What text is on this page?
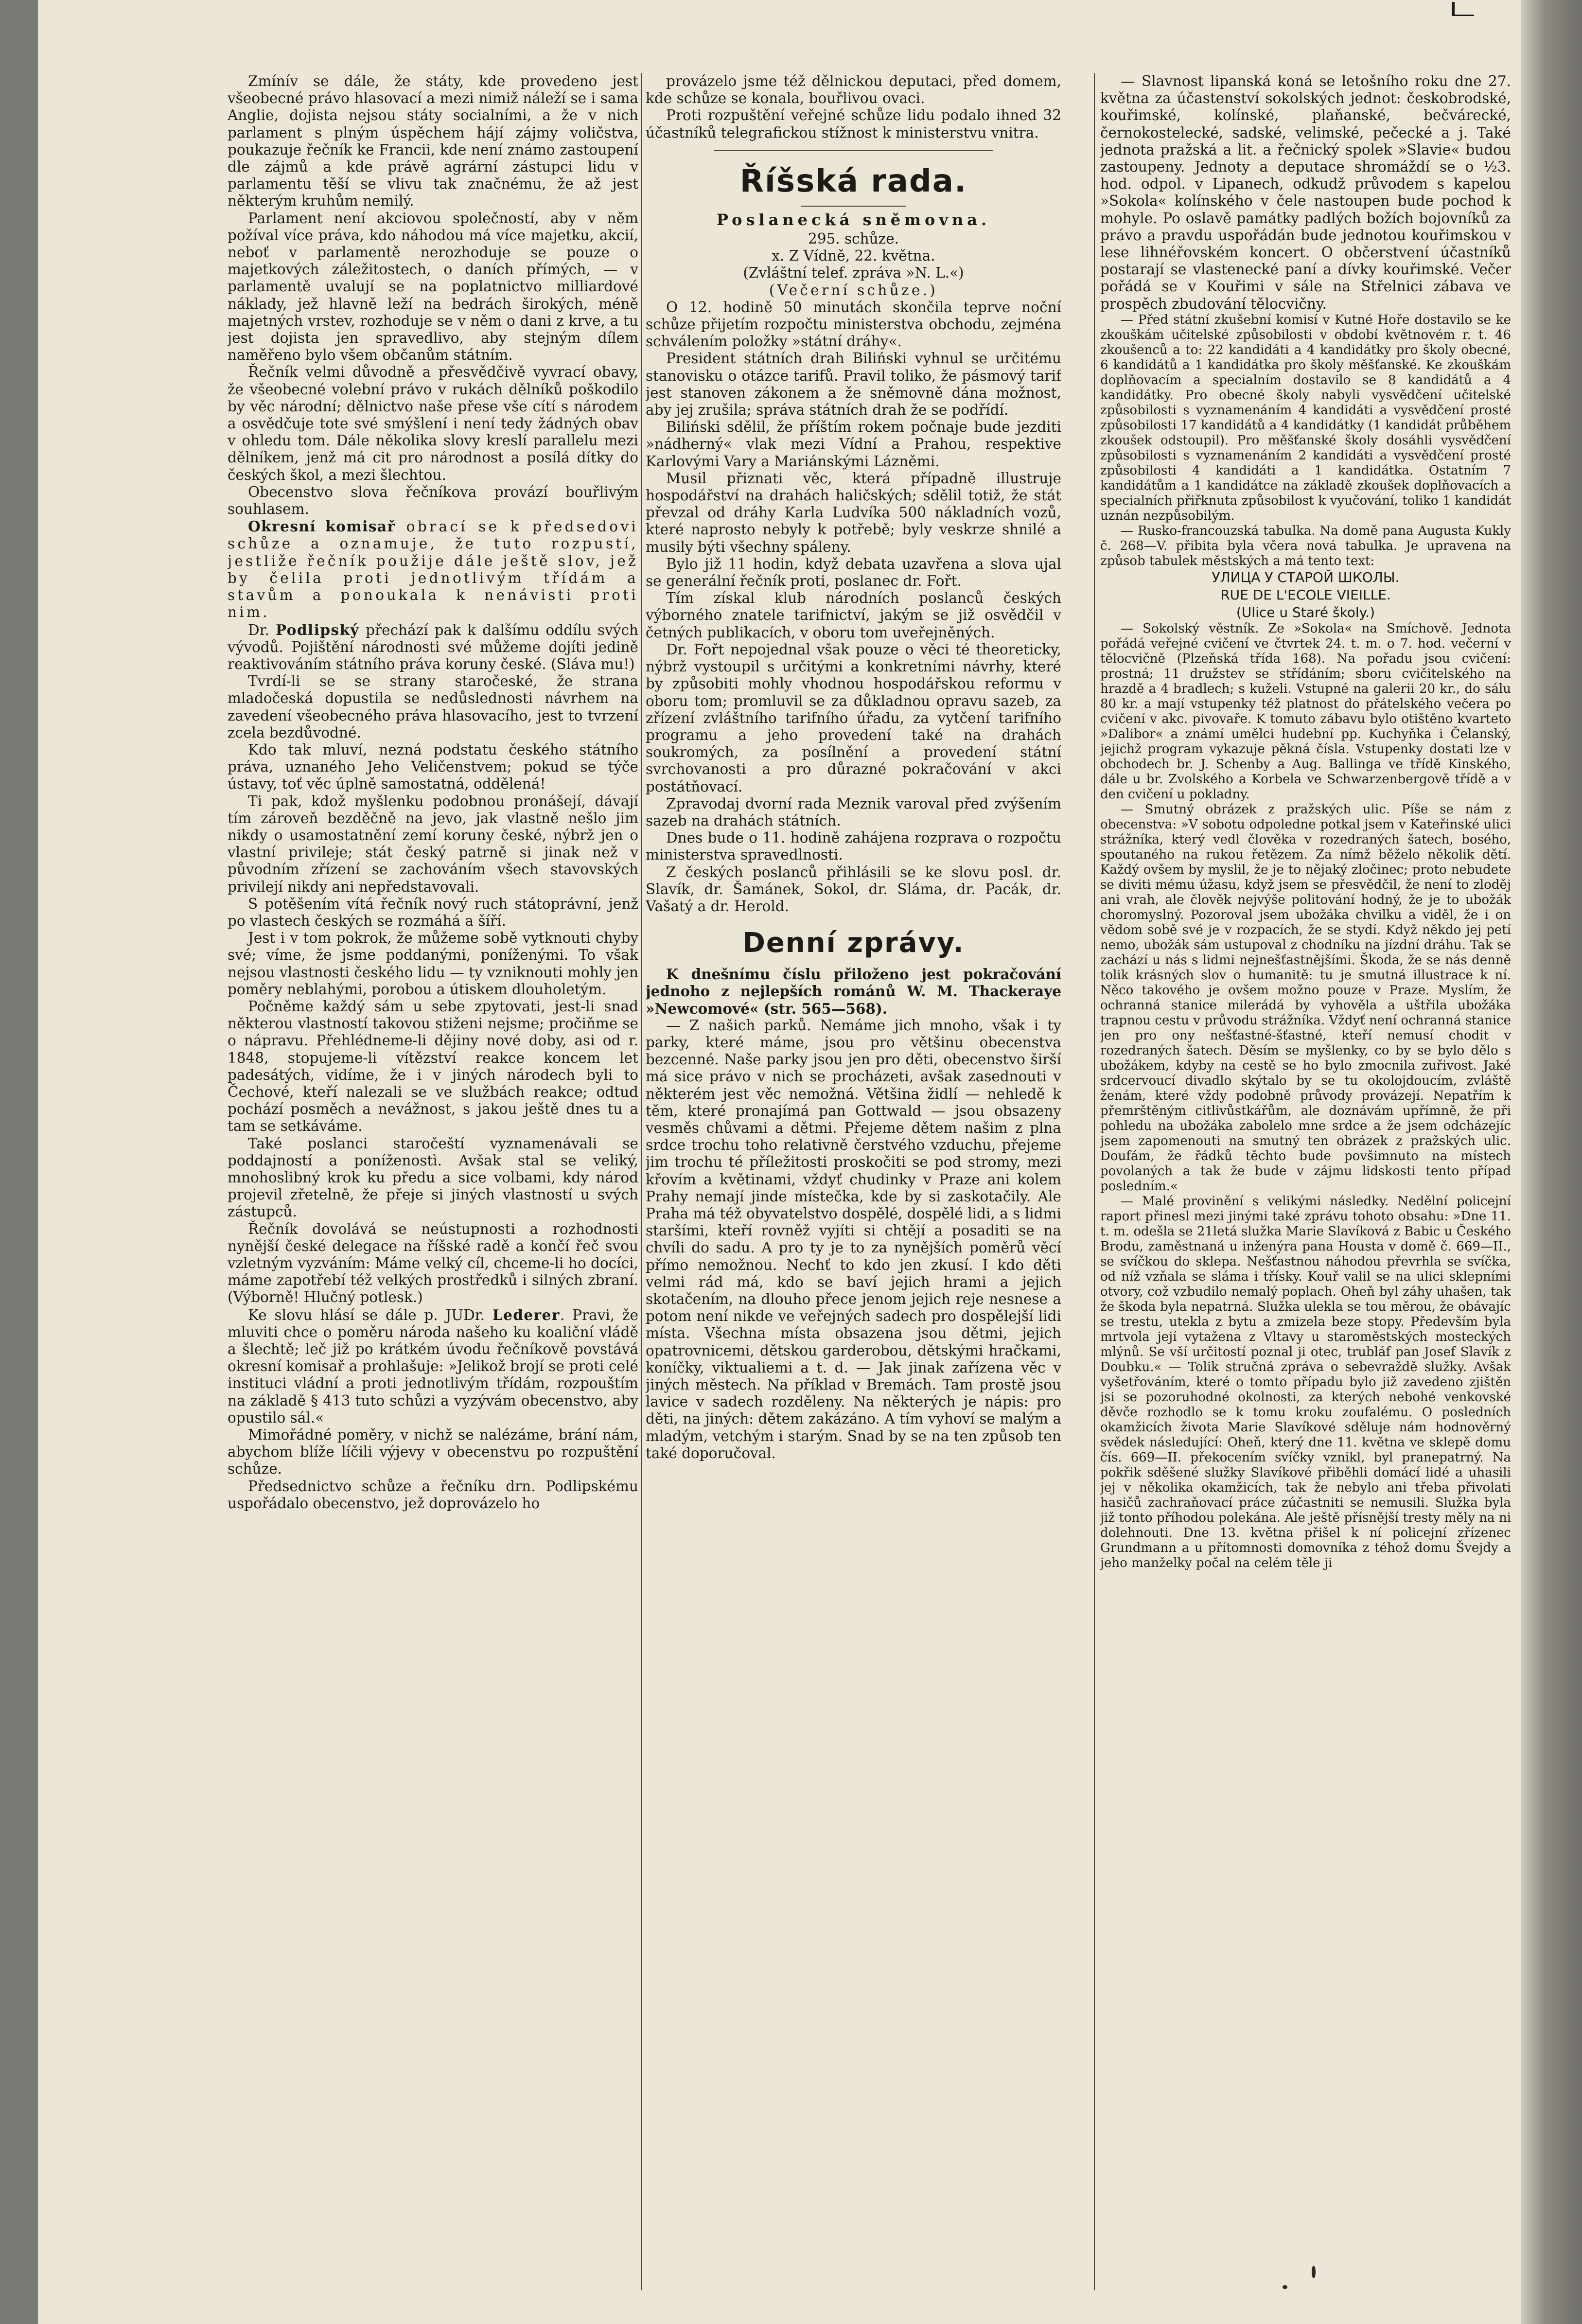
Zmínív se dále, že státy, kde provedeno jest všeobecné právo hlasovací a mezi nimiž náleží se i sama Anglie, dojista nejsou státy socialními, a že v nich parlament s plným úspěchem hájí zájmy voličstva, poukazuje řečník ke Francii, kde není známo zastoupení dle zájmů a kde právě agrární zástupci lidu v parlamentu těší se vlivu tak značnému, že až jest některým kruhům nemilý.

Parlament není akciovou společností, aby v něm požíval více práva, kdo náhodou má více majetku, akcií, neboť v parlamentě nerozhoduje se pouze o majetkových záležitostech, o daních přímých, — v parlamentě uvalují se na poplatnictvo milliardové náklady, jež hlavně leží na bedrách širokých, méně majetných vrstev, rozhoduje se v něm o dani z krve, a tu jest dojista jen spravedlivo, aby stejným dílem naměřeno bylo všem občanům státním.

Řečník velmi důvodně a přesvědčivě vyvrací obavy, že všeobecné volební právo v rukách dělníků poškodilo by věc národní; dělnictvo naše přese vše cítí s národem a osvědčuje tote své smýšlení i není tedy žádných obav v ohledu tom. Dále několika slovy kreslí parallelu mezi dělníkem, jenž má cit pro národnost a posílá dítky do českých škol, a mezi šlechtou.

Obecenstvo slova řečníkova provází bouřlivým souhlasem.

Okresní komisař obrací se k předsedovi schůze a oznamuje, že tuto rozpustí, jestliže řečník použije dále ještě slov, jež by čelila proti jednotlivým třídám a stavům a ponoukala k nenávisti proti nim.

Dr. Podlipský přechází pak k dalšímu oddílu svých vývodů. Pojištění národnosti své můžeme dojíti jedině reaktivováním státního práva koruny české. (Sláva mu!)

Tvrdí-li se se strany staročeské, že strana mladočeská dopustila se nedůslednosti návrhem na zavedení všeobecného práva hlasovacího, jest to tvrzení zcela bezdůvodné.

Kdo tak mluví, nezná podstatu českého státního práva, uznaného Jeho Veličenstvem; pokud se týče ústavy, toť věc úplně samostatná, oddělená!

Ti pak, kdož myšlenku podobnou pronášejí, dávají tím zároveň bezděčně na jevo, jak vlastně nešlo jim nikdy o usamostatnění zemí koruny české, nýbrž jen o vlastní privileje; stát český patrně si jinak než v původním zřízení se zachováním všech stavovských privilejí nikdy ani nepředstavovali.

S potěšením vítá řečník nový ruch státoprávní, jenž po vlastech českých se rozmáhá a šíří.

Jest i v tom pokrok, že můžeme sobě vytknouti chyby své; víme, že jsme poddanými, poníženými. To však nejsou vlastnosti českého lidu — ty vzniknouti mohly jen poměry neblahými, porobou a útiskem dlouholetým.

Počněme každý sám u sebe zpytovati, jest-li snad některou vlastností takovou stiženi nejsme; pročiňme se o nápravu. Přehlédneme-li dějiny nové doby, asi od r. 1848, stopujeme-li vítězství reakce koncem let padesátých, vidíme, že i v jiných národech byli to Čechové, kteří nalezali se ve službách reakce; odtud pochází posměch a nevážnost, s jakou ještě dnes tu a tam se setkáváme.

Také poslanci staročeští vyznamenávali se poddajností a poníženostì. Avšak stal se veliký, mnohoslibný krok ku předu a sice volbami, kdy národ projevil zřetelně, že přeje si jiných vlastností u svých zástupců.

Řečník dovolává se neústupnosti a rozhodnosti nynější české delegace na říšské radě a končí řeč svou vzletným vyzváním: Máme velký cíl, chceme-li ho docíci, máme zapotřebí též velkých prostředků i silných zbraní. (Výborně! Hlučný potlesk.)

Ke slovu hlásí se dále p. JUDr. Lederer. Pravi, že mluviti chce o poměru národa našeho ku koaliční vládě a šlechtě; leč již po krátkém úvodu řečníkově povstává okresní komisař a prohlašuje: »Jelikož brojí se proti celé instituci vládní a proti jednotlivým třídám, rozpouštím na základě § 413 tuto schůzi a vyzývám obecenstvo, aby opustilo sál.«

Mimořádné poměry, v nichž se nalézáme, brání nám, abychom blíže líčili výjevy v obecenstvu po rozpuštění schůze.

Předsednictvo schůze a řečníku drn. Podlipskému uspořádalo obecenstvo, jež doprovázelo ho

provázelo jsme též dělnickou deputaci, před domem, kde schůze se konala, bouřlivou ovaci.

Proti rozpuštění veřejné schůze lidu podalo ihned 32 účastníků telegrafickou stížnost k ministerstvu vnitra.

Říšská rada.
Poslanecká sněmovna.

295. schůze.

x. Z Vídně, 22. května.

(Zvláštní telef. zpráva »N. L.«)

(Večerní schůze.)

O 12. hodině 50 minutách skončila teprve noční schůze přijetím rozpočtu ministerstva obchodu, zejména schválením položky »státní dráhy«.

President státních drah Biliński vyhnul se určitému stanovisku o otázce tarifů. Pravil toliko, že pásmový tarif jest stanoven zákonem a že sněmovně dána možnost, aby jej zrušila; správa státních drah že se podřídí.

Biliński sdělil, že příštím rokem počnaje bude jezditi »nádherný« vlak mezi Vídní a Prahou, respektive Karlovými Vary a Mariánskými Lázněmi.

Musil přiznati věc, která případně illustruje hospodářství na drahách haličských; sdělil totiž, že stát převzal od dráhy Karla Ludvíka 500 nákladních vozů, které naprosto nebyly k potřebě; byly veskrze shnilé a musily býti všechny spáleny.

Bylo již 11 hodin, když debata uzavřena a slova ujal se generální řečník proti, poslanec dr. Fořt.

Tím získal klub národních poslanců českých výborného znatele tarifnictví, jakým se již osvědčil v četných publikacích, v oboru tom uveřejněných.

Dr. Fořt nepojednal však pouze o věci té theoreticky, nýbrž vystoupil s určitými a konkretními návrhy, které by způsobiti mohly vhodnou hospodářskou reformu v oboru tom; promluvil se za důkladnou opravu sazeb, za zřízení zvláštního tarifního úřadu, za vytčení tarifního programu a jeho provedení také na drahách soukromých, za posílnění a provedení státní svrchovanosti a pro důrazné pokračování v akci postátňovací.

Zpravodaj dvorní rada Meznik varoval před zvýšením sazeb na drahách státních.

Dnes bude o 11. hodině zahájena rozprava o rozpočtu ministerstva spravedlnosti.

Z českých poslanců přihlásili se ke slovu posl. dr. Slavík, dr. Šamánek, Sokol, dr. Sláma, dr. Pacák, dr. Vašatý a dr. Herold.

Denní zprávy.

K dnešnímu číslu přiloženo jest pokračování jednoho z nejlepších románů W. M. Thackeraye »Newcomové« (str. 565—568).

— Z našich parků. Nemáme jich mnoho, však i ty parky, které máme, jsou pro většinu obecenstva bezcenné. Naše parky jsou jen pro děti, obecenstvo širší má sice právo v nich se procházeti, avšak zasednouti v některém jest věc nemožná. Většina židlí — nehledě k těm, které pronajímá pan Gottwald — jsou obsazeny vesměs chůvami a dětmi. Přejeme dětem našim z plna srdce trochu toho relativně čerstvého vzduchu, přejeme jim trochu té příležitosti proskočiti se pod stromy, mezi křovím a květinami, vždyť chudinky v Praze ani kolem Prahy nemají jinde místečka, kde by si zaskotačily. Ale Praha má též obyvatelstvo dospělé, dospělé lidi, a s lidmi staršími, kteří rovněž vyjíti si chtějí a posaditi se na chvíli do sadu. A pro ty je to za nynějších poměrů věcí přímo nemožnou. Nechť to kdo jen zkusí. I kdo děti velmi rád má, kdo se baví jejich hrami a jejich skotačením, na dlouho přece jenom jejich reje nesnese a potom není nikde ve veřejných sadech pro dospělejší lidi místa. Všechna místa obsazena jsou dětmi, jejich opatrovnicemi, dětskou garderobou, dětskými hračkami, koníčky, viktualiemi a t. d. — Jak jinak zařízena věc v jiných městech. Na příklad v Bremách. Tam prostě jsou lavice v sadech rozděleny. Na některých je nápis: pro děti, na jiných: dětem zakázáno. A tím vyhoví se malým a mladým, vetchým i starým. Snad by se na ten způsob ten také doporučoval.

— Slavnost lipanská koná se letošního roku dne 27. května za účastenství sokolských jednot: českobrodské, kouřimské, kolínské, plaňanské, bečvárecké, černokostelecké, sadské, velimské, pečecké a j. Také jednota pražská a lit. a řečnický spolek »Slavie« budou zastoupeny. Jednoty a deputace shromáždí se o ½3. hod. odpol. v Lipanech, odkudž průvodem s kapelou »Sokola« kolínského v čele nastoupen bude pochod k mohyle. Po oslavě památky padlých božích bojovníků za právo a pravdu uspořádán bude jednotou kouřimskou v lese lihnéřovském koncert. O občerstvení účastníků postarají se vlastenecké paní a dívky kouřimské. Večer pořádá se v Kouřimi v sále na Střelnici zábava ve prospěch zbudování tělocvičny.

— Před státní zkušební komisí v Kutné Hoře dostavilo se ke zkouškám učitelské způsobilosti v období květnovém r. t. 46 zkoušenců a to: 22 kandidáti a 4 kandidátky pro školy obecné, 6 kandidátů a 1 kandidátka pro školy měšťanské. Ke zkouškám doplňovacím a specialním dostavilo se 8 kandidátů a 4 kandidátky. Pro obecné školy nabyli vysvědčení učitelské způsobilosti s vyznamenáním 4 kandidáti a vysvědčení prosté způsobilosti 17 kandidátů a 4 kandidátky (1 kandidát průběhem zkoušek odstoupil). Pro měšťanské školy dosáhli vysvědčení způsobilosti s vyznamenáním 2 kandidáti a vysvědčení prosté způsobilosti 4 kandidáti a 1 kandidátka. Ostatním 7 kandidátům a 1 kandidátce na základě zkoušek doplňovacích a specialních přiřknuta způsobilost k vyučování, toliko 1 kandidát uznán nezpůsobilým.

— Rusko-francouzská tabulka. Na domě pana Augusta Kukly č. 268—V. přibita byla včera nová tabulka. Je upravena na způsob tabulek městských a má tento text:

УЛИЦА У СТАРОЙ ШКОЛЫ.
RUE DE L'ECOLE VIEILLE.
(Ulice u Staré školy.)

— Sokolský věstník. Ze »Sokola« na Smíchově. Jednota pořádá veřejné cvičení ve čtvrtek 24. t. m. o 7. hod. večerní v tělocvičně (Plzeňská třída 168). Na pořadu jsou cvičení: prostná; 11 družstev se střídáním; sboru cvičitelského na hrazdě a 4 bradlech; s kuželi. Vstupné na galerii 20 kr., do sálu 80 kr. a mají vstupenky též platnost do přátelského večera po cvičení v akc. pivovaře. K tomuto zábavu bylo otištěno kvarteto »Dalibor« a známí umělci hudební pp. Kuchyňka i Čelanský, jejichž program vykazuje pěkná čísla. Vstupenky dostati lze v obchodech br. J. Schenby a Aug. Ballinga ve třídě Kinského, dále u br. Zvolského a Korbela ve Schwarzenbergově třídě a v den cvičení u pokladny.

— Smutný obrázek z pražských ulic. Píše se nám z obecenstva: »V sobotu odpoledne potkal jsem v Kateřinské ulici strážníka, který vedl člověka v rozedraných šatech, bosého, spoutaného na rukou řetězem. Za nímž běželo několik dětí. Každý ovšem by myslil, že je to nějaký zločinec; proto nebudete se diviti mému úžasu, když jsem se přesvědčil, že není to zloděj ani vrah, ale člověk nejvýše politování hodný, že je to ubožák choromyslný. Pozoroval jsem ubožáka chvilku a viděl, že i on vědom sobě své je v rozpacích, že se stydí. Když někdo jej petí nemo, ubožák sám ustupoval z chodníku na jízdní dráhu. Tak se zachází u nás s lidmi nejnešťastnějšími. Škoda, že se nás denně tolik krásných slov o humanitě: tu je smutná illustrace k ní. Něco takového je ovšem možno pouze v Praze. Myslím, že ochranná stanice milerádá by vyhověla a uštřila ubožáka trapnou cestu v průvodu strážníka. Vždyť není ochranná stanice jen pro ony nešťastné-šťastné, kteří nemusí chodit v rozedraných šatech. Děsím se myšlenky, co by se bylo dělo s ubožákem, kdyby na cestě se ho bylo zmocnila zuřivost. Jaké srdcervoucí divadlo skýtalo by se tu okolojdoucím, zvláště ženám, které vždy podobně průvody provázejí. Nepatřím k přemrštěným citlivůstkářům, ale doznávám upřímně, že při pohledu na ubožáka zabolelo mne srdce a že jsem odcházejíc jsem zapomenouti na smutný ten obrázek z pražských ulic. Doufám, že řádků těchto bude povšimnuto na místech povolaných a tak že bude v zájmu lidskosti tento případ posledním.«

— Malé provinění s velikými následky. Nedělní policejní raport přinesl mezi jinými také zprávu tohoto obsahu: »Dne 11. t. m. odešla se 21letá služka Marie Slavíková z Babic u Českého Brodu, zaměstnaná u inženýra pana Housta v domě č. 669—II., se svíčkou do sklepa. Nešťastnou náhodou převrhla se svíčka, od níž vzňala se sláma i třísky. Kouř valil se na ulici sklepními otvory, což vzbudilo nemalý poplach. Oheň byl záhy uhašen, tak že škoda byla nepatrná. Služka ulekla se tou měrou, že obávajíc se trestu, utekla z bytu a zmizela beze stopy. Především byla mrtvola její vytažena z Vltavy u staroměstských mosteckých mlýnů. Se vší určitostí poznal ji otec, trubláf pan Josef Slavík z Doubku.« — Tolik stručná zpráva o sebevraždě služky. Avšak vyšetřováním, které o tomto případu bylo již zavedeno zjištěn jsi se pozoruhodné okolnosti, za kterých nebohé venkovské děvče rozhodlo se k tomu kroku zoufalému. O posledních okamžicích života Marie Slavíkové sděluje nám hodnověrný svědek následující: Oheň, který dne 11. května ve sklepě domu čís. 669—II. překocením svíčky vznikl, byl pranepatrný. Na pokřik sděšené služky Slavíkové přiběhli domácí lidé a uhasili jej v několika okamžicích, tak že nebylo ani třeba přivolati hasičů zachraňovací práce zúčastniti se nemusili. Služka byla již tonto příhodou polekána. Ale ještě přísnější tresty měly na ni dolehnouti. Dne 13. května přišel k ní policejní zřízenec Grundmann a u přítomnosti domovníka z téhož domu Švejdy a jeho manželky počal na celém těle ji
